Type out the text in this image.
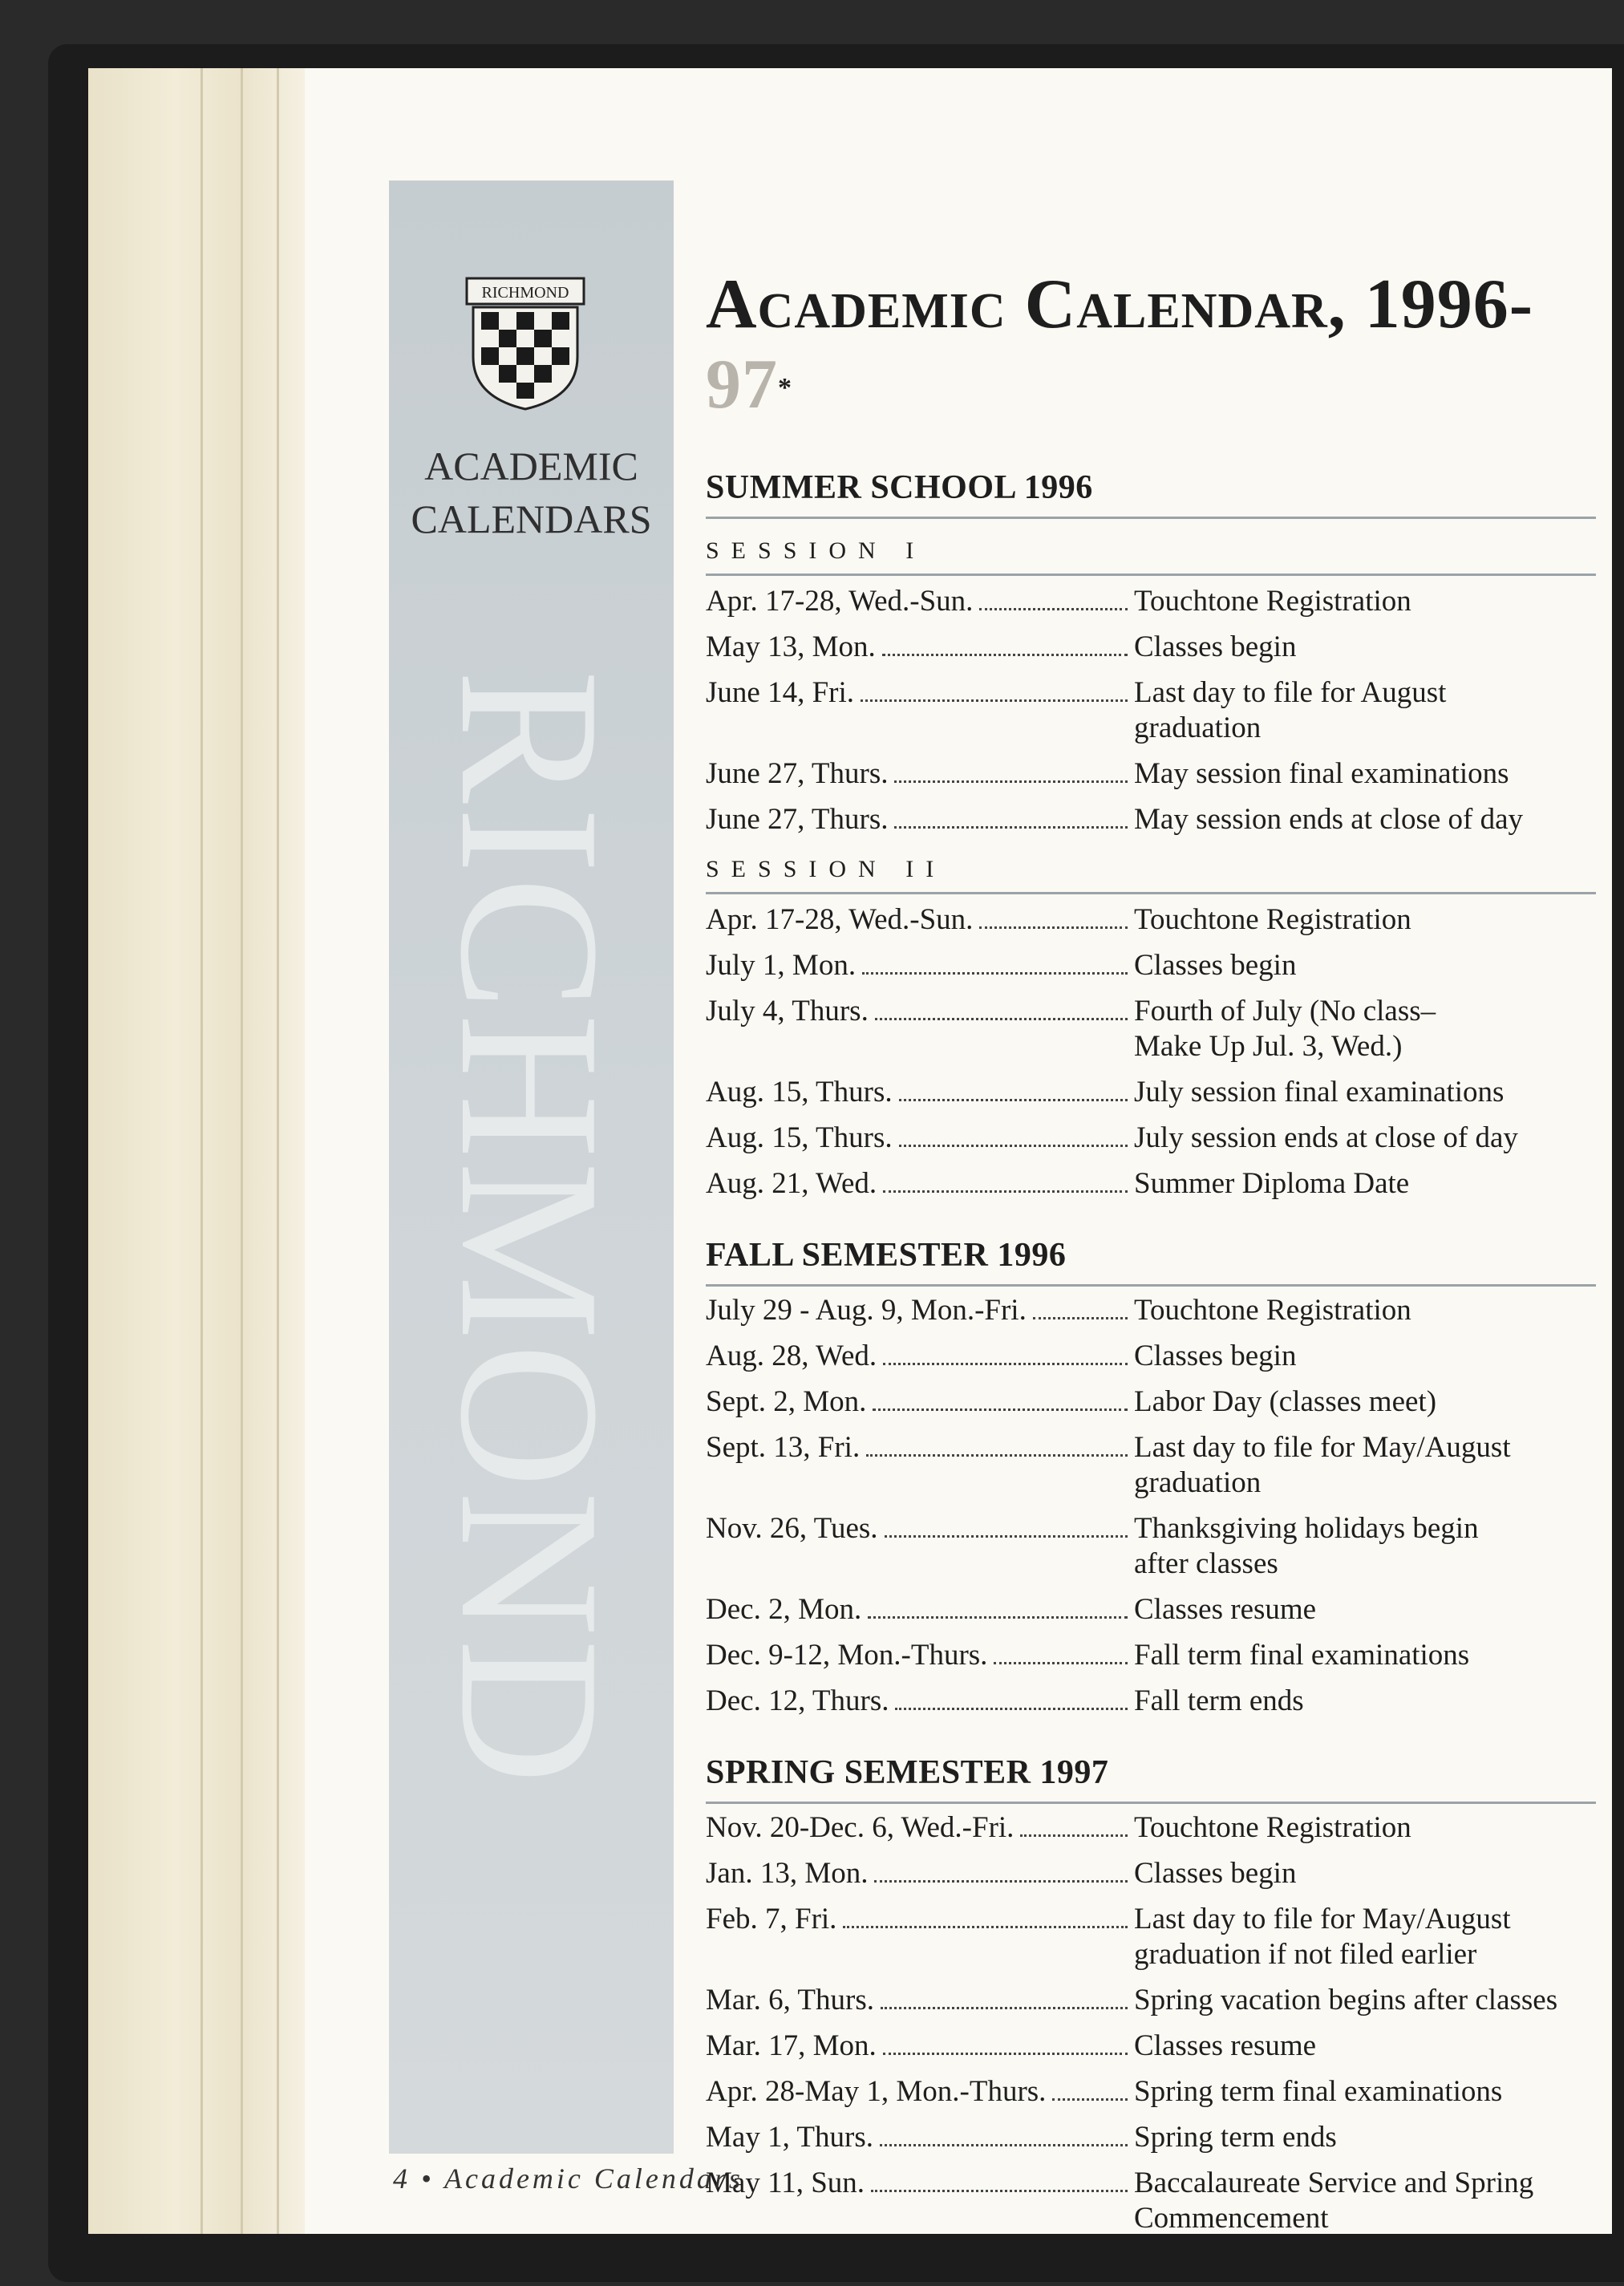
RICHMOND
RICHMOND
ACADEMIC
CALENDARS
Academic Calendar, 1996-97*
SUMMER SCHOOL 1996
SESSION I
Apr. 17-28, Wed.-Sun.	Touchtone Registration
May 13, Mon.	Classes begin
June 14, Fri.	Last day to file for August
graduation
June 27, Thurs.	May session final examinations
June 27, Thurs.	May session ends at close of day
SESSION II
Apr. 17-28, Wed.-Sun.	Touchtone Registration
July 1, Mon.	Classes begin
July 4, Thurs.	Fourth of July (No class–
Make Up Jul. 3, Wed.)
Aug. 15, Thurs.	July session final examinations
Aug. 15, Thurs.	July session ends at close of day
Aug. 21, Wed.	Summer Diploma Date
FALL SEMESTER 1996
July 29 - Aug. 9, Mon.-Fri.	Touchtone Registration
Aug. 28, Wed.	Classes begin
Sept. 2, Mon.	Labor Day (classes meet)
Sept. 13, Fri.	Last day to file for May/August
graduation
Nov. 26, Tues.	Thanksgiving holidays begin
after classes
Dec. 2, Mon.	Classes resume
Dec. 9-12, Mon.-Thurs.	Fall term final examinations
Dec. 12, Thurs.	Fall term ends
SPRING SEMESTER 1997
Nov. 20-Dec. 6, Wed.-Fri.	Touchtone Registration
Jan. 13, Mon.	Classes begin
Feb. 7, Fri.	Last day to file for May/August
graduation if not filed earlier
Mar. 6, Thurs.	Spring vacation begins after classes
Mar. 17, Mon.	Classes resume
Apr. 28-May 1, Mon.-Thurs.	Spring term final examinations
May 1, Thurs.	Spring term ends
May 11, Sun.	Baccalaureate Service and Spring
Commencement
4 • Academic Calendars
